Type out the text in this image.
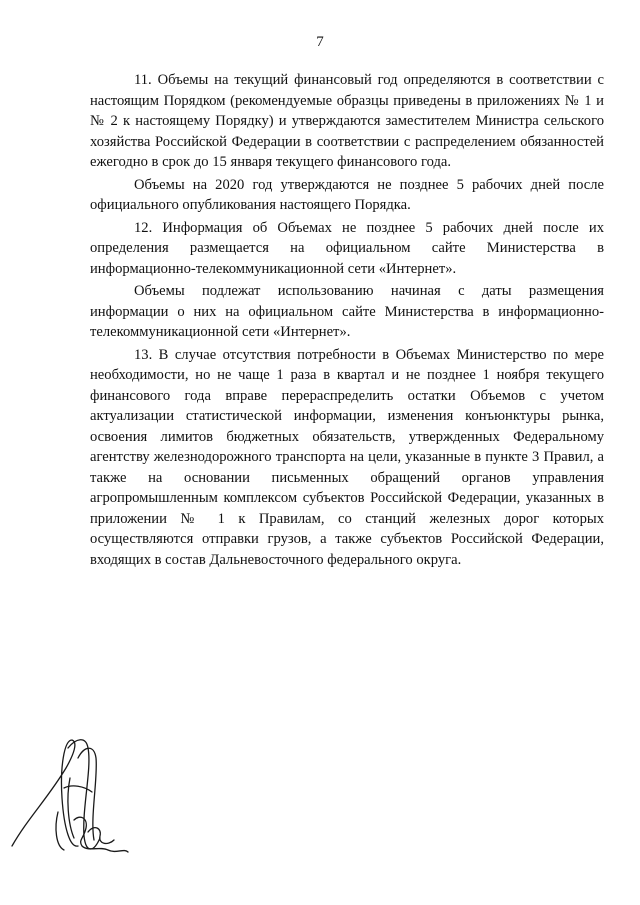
7

11. Объемы на текущий финансовый год определяются в соответствии с настоящим Порядком (рекомендуемые образцы приведены в приложениях № 1 и № 2 к настоящему Порядку) и утверждаются заместителем Министра сельского хозяйства Российской Федерации в соответствии с распределением обязанностей ежегодно в срок до 15 января текущего финансового года.

Объемы на 2020 год утверждаются не позднее 5 рабочих дней после официального опубликования настоящего Порядка.

12. Информация об Объемах не позднее 5 рабочих дней после их определения размещается на официальном сайте Министерства в информационно-телекоммуникационной сети «Интернет».

Объемы подлежат использованию начиная с даты размещения информации о них на официальном сайте Министерства в информационно-телекоммуникационной сети «Интернет».

13. В случае отсутствия потребности в Объемах Министерство по мере необходимости, но не чаще 1 раза в квартал и не позднее 1 ноября текущего финансового года вправе перераспределить остатки Объемов с учетом актуализации статистической информации, изменения конъюнктуры рынка, освоения лимитов бюджетных обязательств, утвержденных Федеральному агентству железнодорожного транспорта на цели, указанные в пункте 3 Правил, а также на основании письменных обращений органов управления агропромышленным комплексом субъектов Российской Федерации, указанных в приложении № 1 к Правилам, со станций железных дорог которых осуществляются отправки грузов, а также субъектов Российской Федерации, входящих в состав Дальневосточного федерального округа.
